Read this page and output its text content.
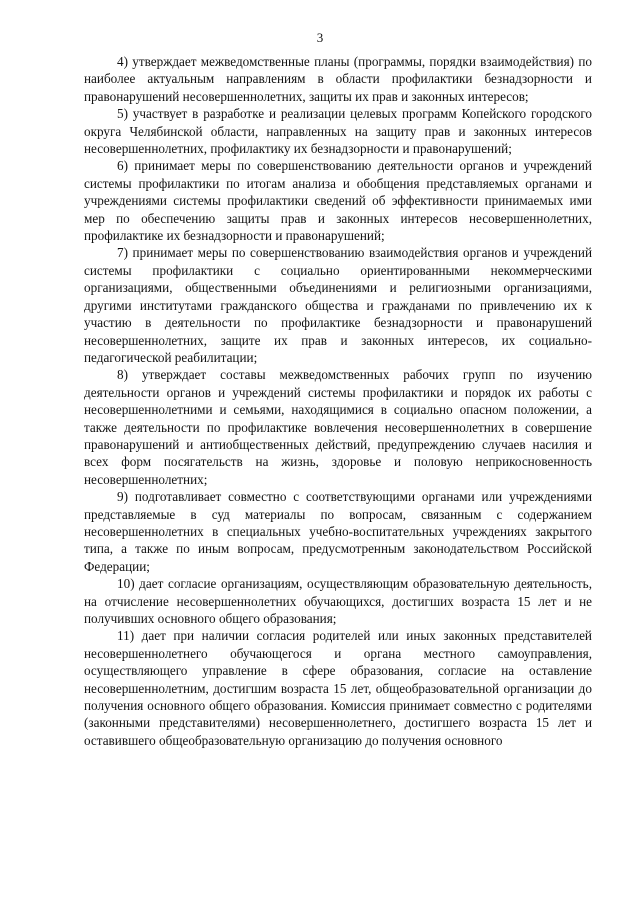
3

4) утверждает межведомственные планы (программы, порядки взаимодействия) по наиболее актуальным направлениям в области профилактики безнадзорности и правонарушений несовершеннолетних, защиты их прав и законных интересов;

5) участвует в разработке и реализации целевых программ Копейского городского округа Челябинской области, направленных на защиту прав и законных интересов несовершеннолетних, профилактику их безнадзорности и правонарушений;

6) принимает меры по совершенствованию деятельности органов и учреждений системы профилактики по итогам анализа и обобщения представляемых органами и учреждениями системы профилактики сведений об эффективности принимаемых ими мер по обеспечению защиты прав и законных интересов несовершеннолетних, профилактике их безнадзорности и правонарушений;

7) принимает меры по совершенствованию взаимодействия органов и учреждений системы профилактики с социально ориентированными некоммерческими организациями, общественными объединениями и религиозными организациями, другими институтами гражданского общества и гражданами по привлечению их к участию в деятельности по профилактике безнадзорности и правонарушений несовершеннолетних, защите их прав и законных интересов, их социально-педагогической реабилитации;

8) утверждает составы межведомственных рабочих групп по изучению деятельности органов и учреждений системы профилактики и порядок их работы с несовершеннолетними и семьями, находящимися в социально опасном положении, а также деятельности по профилактике вовлечения несовершеннолетних в совершение правонарушений и антиобщественных действий, предупреждению случаев насилия и всех форм посягательств на жизнь, здоровье и половую неприкосновенность несовершеннолетних;

9) подготавливает совместно с соответствующими органами или учреждениями представляемые в суд материалы по вопросам, связанным с содержанием несовершеннолетних в специальных учебно-воспитательных учреждениях закрытого типа, а также по иным вопросам, предусмотренным законодательством Российской Федерации;

10) дает согласие организациям, осуществляющим образовательную деятельность, на отчисление несовершеннолетних обучающихся, достигших возраста 15 лет и не получивших основного общего образования;

11) дает при наличии согласия родителей или иных законных представителей несовершеннолетнего обучающегося и органа местного самоуправления, осуществляющего управление в сфере образования, согласие на оставление несовершеннолетним, достигшим возраста 15 лет, общеобразовательной организации до получения основного общего образования. Комиссия принимает совместно с родителями (законными представителями) несовершеннолетнего, достигшего возраста 15 лет и оставившего общеобразовательную организацию до получения основного
